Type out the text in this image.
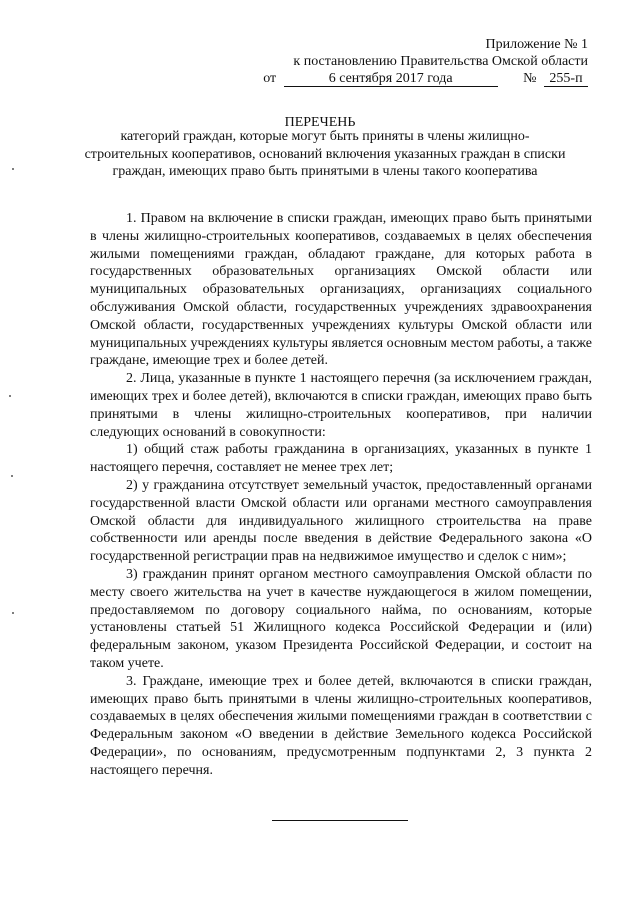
Приложение № 1
к постановлению Правительства Омской области
от	6 сентября 2017 года	№ 255-п
ПЕРЕЧЕНЬ
категорий граждан, которые могут быть приняты в члены жилищно-строительных кооперативов, оснований включения указанных граждан в списки граждан, имеющих право быть принятыми в члены такого кооператива

1. Правом на включение в списки граждан, имеющих право быть принятыми в члены жилищно-строительных кооперативов, создаваемых в целях обеспечения жилыми помещениями граждан, обладают граждане, для которых работа в государственных образовательных организациях Омской области или муниципальных образовательных организациях, организациях социального обслуживания Омской области, государственных учреждениях здравоохранения Омской области, государственных учреждениях культуры Омской области или муниципальных учреждениях культуры является основным местом работы, а также граждане, имеющие трех и более детей.

2. Лица, указанные в пункте 1 настоящего перечня (за исключением граждан, имеющих трех и более детей), включаются в списки граждан, имеющих право быть принятыми в члены жилищно-строительных кооперативов, при наличии следующих оснований в совокупности:

1) общий стаж работы гражданина в организациях, указанных в пункте 1 настоящего перечня, составляет не менее трех лет;

2) у гражданина отсутствует земельный участок, предоставленный органами государственной власти Омской области или органами местного самоуправления Омской области для индивидуального жилищного строительства на праве собственности или аренды после введения в действие Федерального закона «О государственной регистрации прав на недвижимое имущество и сделок с ним»;

3) гражданин принят органом местного самоуправления Омской области по месту своего жительства на учет в качестве нуждающегося в жилом помещении, предоставляемом по договору социального найма, по основаниям, которые установлены статьей 51 Жилищного кодекса Российской Федерации и (или) федеральным законом, указом Президента Российской Федерации, и состоит на таком учете.

3. Граждане, имеющие трех и более детей, включаются в списки граждан, имеющих право быть принятыми в члены жилищно-строительных кооперативов, создаваемых в целях обеспечения жилыми помещениями граждан в соответствии с Федеральным законом «О введении в действие Земельного кодекса Российской Федерации», по основаниям, предусмотренным подпунктами 2, 3 пункта 2 настоящего перечня.
